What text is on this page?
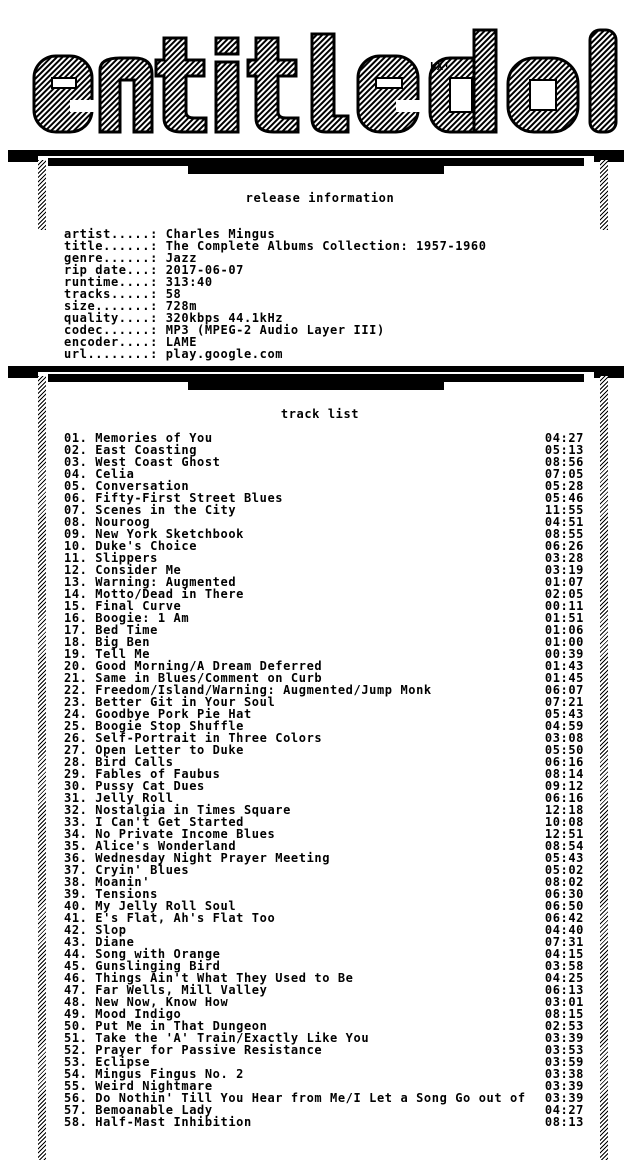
hX!
release information
artist.....: Charles Mingus
title......: The Complete Albums Collection: 1957-1960
genre......: Jazz
rip date...: 2017-06-07
runtime....: 313:40
tracks.....: 58
size.......: 728m
quality....: 320kbps 44.1kHz
codec......: MP3 (MPEG-2 Audio Layer III)
encoder....: LAME
url........: play.google.com
track list
01. Memories of You	04:27
02. East Coasting	05:13
03. West Coast Ghost	08:56
04. Celia	07:05
05. Conversation	05:28
06. Fifty-First Street Blues	05:46
07. Scenes in the City	11:55
08. Nouroog	04:51
09. New York Sketchbook	08:55
10. Duke's Choice	06:26
11. Slippers	03:28
12. Consider Me	03:19
13. Warning: Augmented	01:07
14. Motto/Dead in There	02:05
15. Final Curve	00:11
16. Boogie: 1 Am	01:51
17. Bed Time	01:06
18. Big Ben	01:00
19. Tell Me	00:39
20. Good Morning/A Dream Deferred	01:43
21. Same in Blues/Comment on Curb	01:45
22. Freedom/Island/Warning: Augmented/Jump Monk	06:07
23. Better Git in Your Soul	07:21
24. Goodbye Pork Pie Hat	05:43
25. Boogie Stop Shuffle	04:59
26. Self-Portrait in Three Colors	03:08
27. Open Letter to Duke	05:50
28. Bird Calls	06:16
29. Fables of Faubus	08:14
30. Pussy Cat Dues	09:12
31. Jelly Roll	06:16
32. Nostalgia in Times Square	12:18
33. I Can't Get Started	10:08
34. No Private Income Blues	12:51
35. Alice's Wonderland	08:54
36. Wednesday Night Prayer Meeting	05:43
37. Cryin' Blues	05:02
38. Moanin'	08:02
39. Tensions	06:30
40. My Jelly Roll Soul	06:50
41. E's Flat, Ah's Flat Too	06:42
42. Slop	04:40
43. Diane	07:31
44. Song with Orange	04:15
45. Gunslinging Bird	03:58
46. Things Ain't What They Used to Be	04:25
47. Far Wells, Mill Valley	06:13
48. New Now, Know How	03:01
49. Mood Indigo	08:15
50. Put Me in That Dungeon	02:53
51. Take the 'A' Train/Exactly Like You	03:39
52. Prayer for Passive Resistance	03:53
53. Eclipse	03:59
54. Mingus Fingus No. 2	03:38
55. Weird Nightmare	03:39
56. Do Nothin' Till You Hear from Me/I Let a Song Go out of 03:39
57. Bemoanable Lady	04:27
58. Half-Mast Inhibition	08:13
